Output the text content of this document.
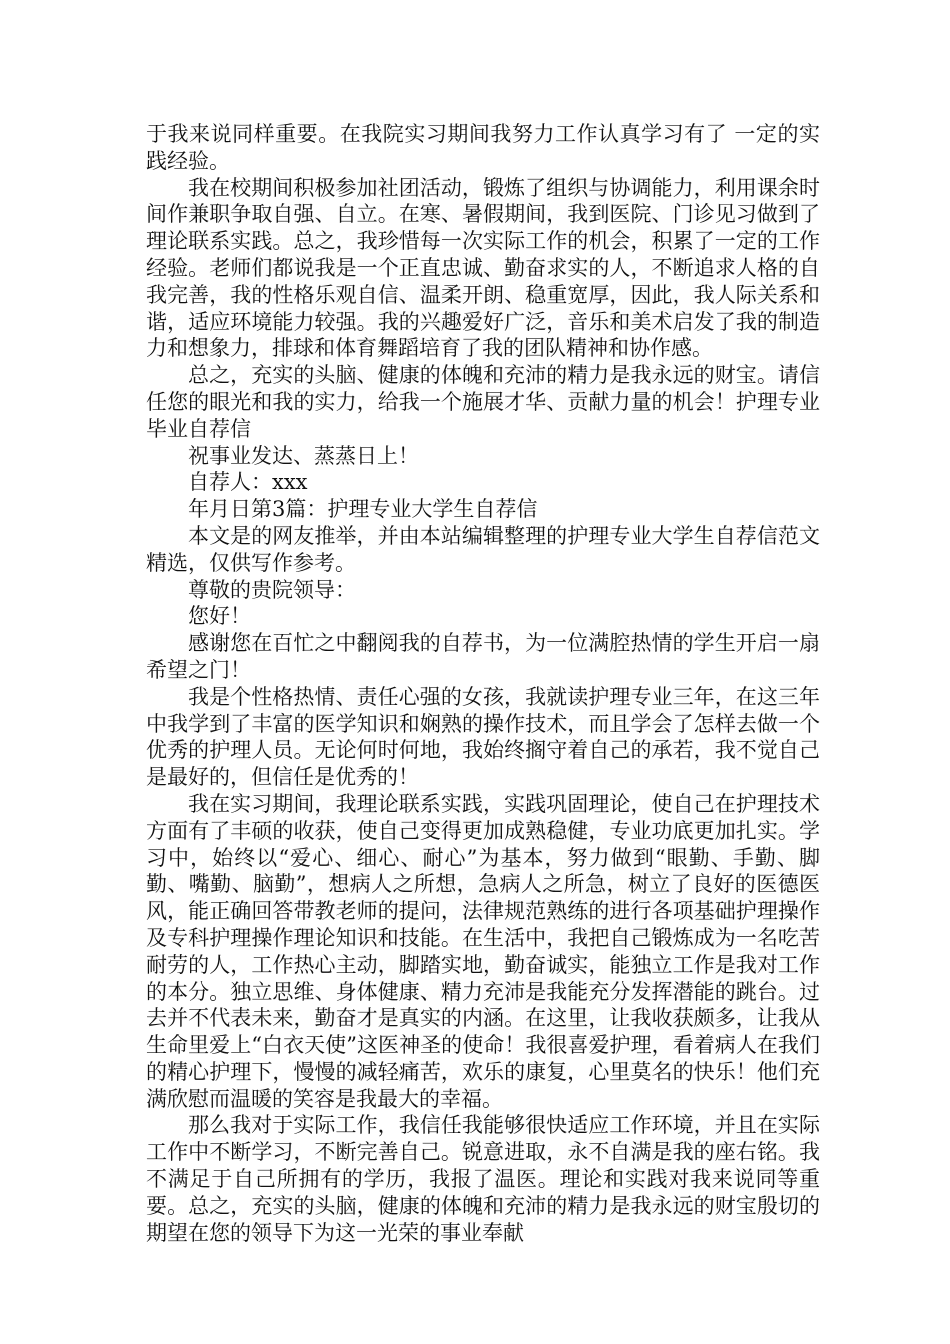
于我来说同样重要。在我院实习期间我努力工作认真学习有了 一定的实践经验。

我在校期间积极参加社团活动，锻炼了组织与协调能力，利用课余时间作兼职争取自强、自立。在寒、暑假期间，我到医院、门诊见习做到了理论联系实践。总之，我珍惜每一次实际工作的机会，积累了一定的工作经验。老师们都说我是一个正直忠诚、勤奋求实的人，不断追求人格的自我完善，我的性格乐观自信、温柔开朗、稳重宽厚，因此，我人际关系和谐，适应环境能力较强。我的兴趣爱好广泛，音乐和美术启发了我的制造力和想象力，排球和体育舞蹈培育了我的团队精神和协作感。

总之，充实的头脑、健康的体魄和充沛的精力是我永远的财宝。请信任您的眼光和我的实力，给我一个施展才华、贡献力量的机会！护理专业毕业自荐信

祝事业发达、蒸蒸日上！

自荐人：xxx

年月日第3篇：护理专业大学生自荐信

本文是的网友推举，并由本站编辑整理的护理专业大学生自荐信范文精选，仅供写作参考。

尊敬的贵院领导：

您好！

感谢您在百忙之中翻阅我的自荐书，为一位满腔热情的学生开启一扇希望之门！

我是个性格热情、责任心强的女孩，我就读护理专业三年，在这三年中我学到了丰富的医学知识和娴熟的操作技术，而且学会了怎样去做一个优秀的护理人员。无论何时何地，我始终搁守着自己的承若，我不觉自己是最好的，但信任是优秀的！

我在实习期间，我理论联系实践，实践巩固理论，使自己在护理技术方面有了丰硕的收获，使自己变得更加成熟稳健，专业功底更加扎实。学习中，始终以“爱心、细心、耐心”为基本，努力做到“眼勤、手勤、脚勤、嘴勤、脑勤”，想病人之所想，急病人之所急，树立了良好的医德医风，能正确回答带教老师的提问，法律规范熟练的进行各项基础护理操作及专科护理操作理论知识和技能。在生活中，我把自己锻炼成为一名吃苦耐劳的人，工作热心主动，脚踏实地，勤奋诚实，能独立工作是我对工作的本分。独立思维、身体健康、精力充沛是我能充分发挥潜能的跳台。过去并不代表未来，勤奋才是真实的内涵。在这里，让我收获颇多，让我从生命里爱上“白衣天使”这医神圣的使命！我很喜爱护理，看着病人在我们的精心护理下，慢慢的减轻痛苦，欢乐的康复，心里莫名的快乐！他们充满欣慰而温暖的笑容是我最大的幸福。

那么我对于实际工作，我信任我能够很快适应工作环境，并且在实际工作中不断学习，不断完善自己。锐意进取，永不自满是我的座右铭。我不满足于自己所拥有的学历，我报了温医。理论和实践对我来说同等重要。总之，充实的头脑，健康的体魄和充沛的精力是我永远的财宝殷切的期望在您的领导下为这一光荣的事业奉献
